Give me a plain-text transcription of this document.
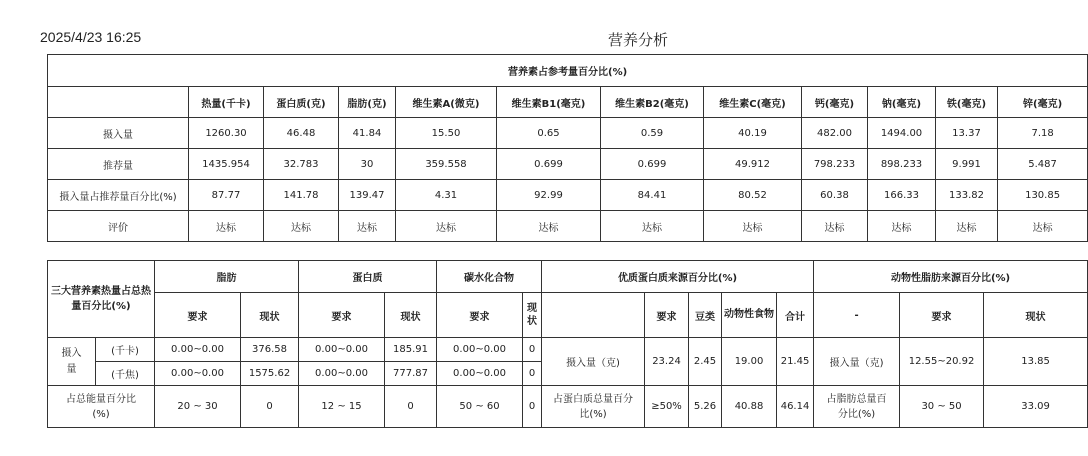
2025/4/23 16:25	营养分析
营养素占参考量百分比(%)											
	热量(千卡)	蛋白质(克)	脂肪(克)	维生素A(微克)	维生素B1(毫克)	维生素B2(毫克)	维生素C(毫克)	钙(毫克)	钠(毫克)	铁(毫克)	锌(毫克)
摄入量	1260.30	46.48	41.84	15.50	0.65	0.59	40.19	482.00	1494.00	13.37	7.18
推荐量	1435.954	32.783	30	359.558	0.699	0.699	49.912	798.233	898.233	9.991	5.487
摄入量占推荐量百分比(%)	87.77	141.78	139.47	4.31	92.99	84.41	80.52	60.38	166.33	133.82	130.85
评价	达标	达标	达标	达标	达标	达标	达标	达标	达标	达标	达标
三大营养素热量占总热量百分比(%)		脂肪		蛋白质		碳水化合物		优质蛋白质来源百分比(%)					动物性脂肪来源百分比(%)		
		要求	现状	要求	现状	要求	现状		要求	豆类	动物性食物	合计	-	要求	现状
摄入量	(千卡)	0.00~0.00	376.58	0.00~0.00	185.91	0.00~0.00	0	摄入量（克)	23.24	2.45	19.00	21.45	摄入量（克)	12.55~20.92	13.85
	(千焦)	0.00~0.00	1575.62	0.00~0.00	777.87	0.00~0.00	0								
占总能量百分比(%)		20 ~ 30	0	12 ~ 15	0	50 ~ 60	0	占蛋白质总量百分比(%)	≥50%	5.26	40.88	46.14	占脂肪总量百分比(%)	30 ~ 50	33.09
